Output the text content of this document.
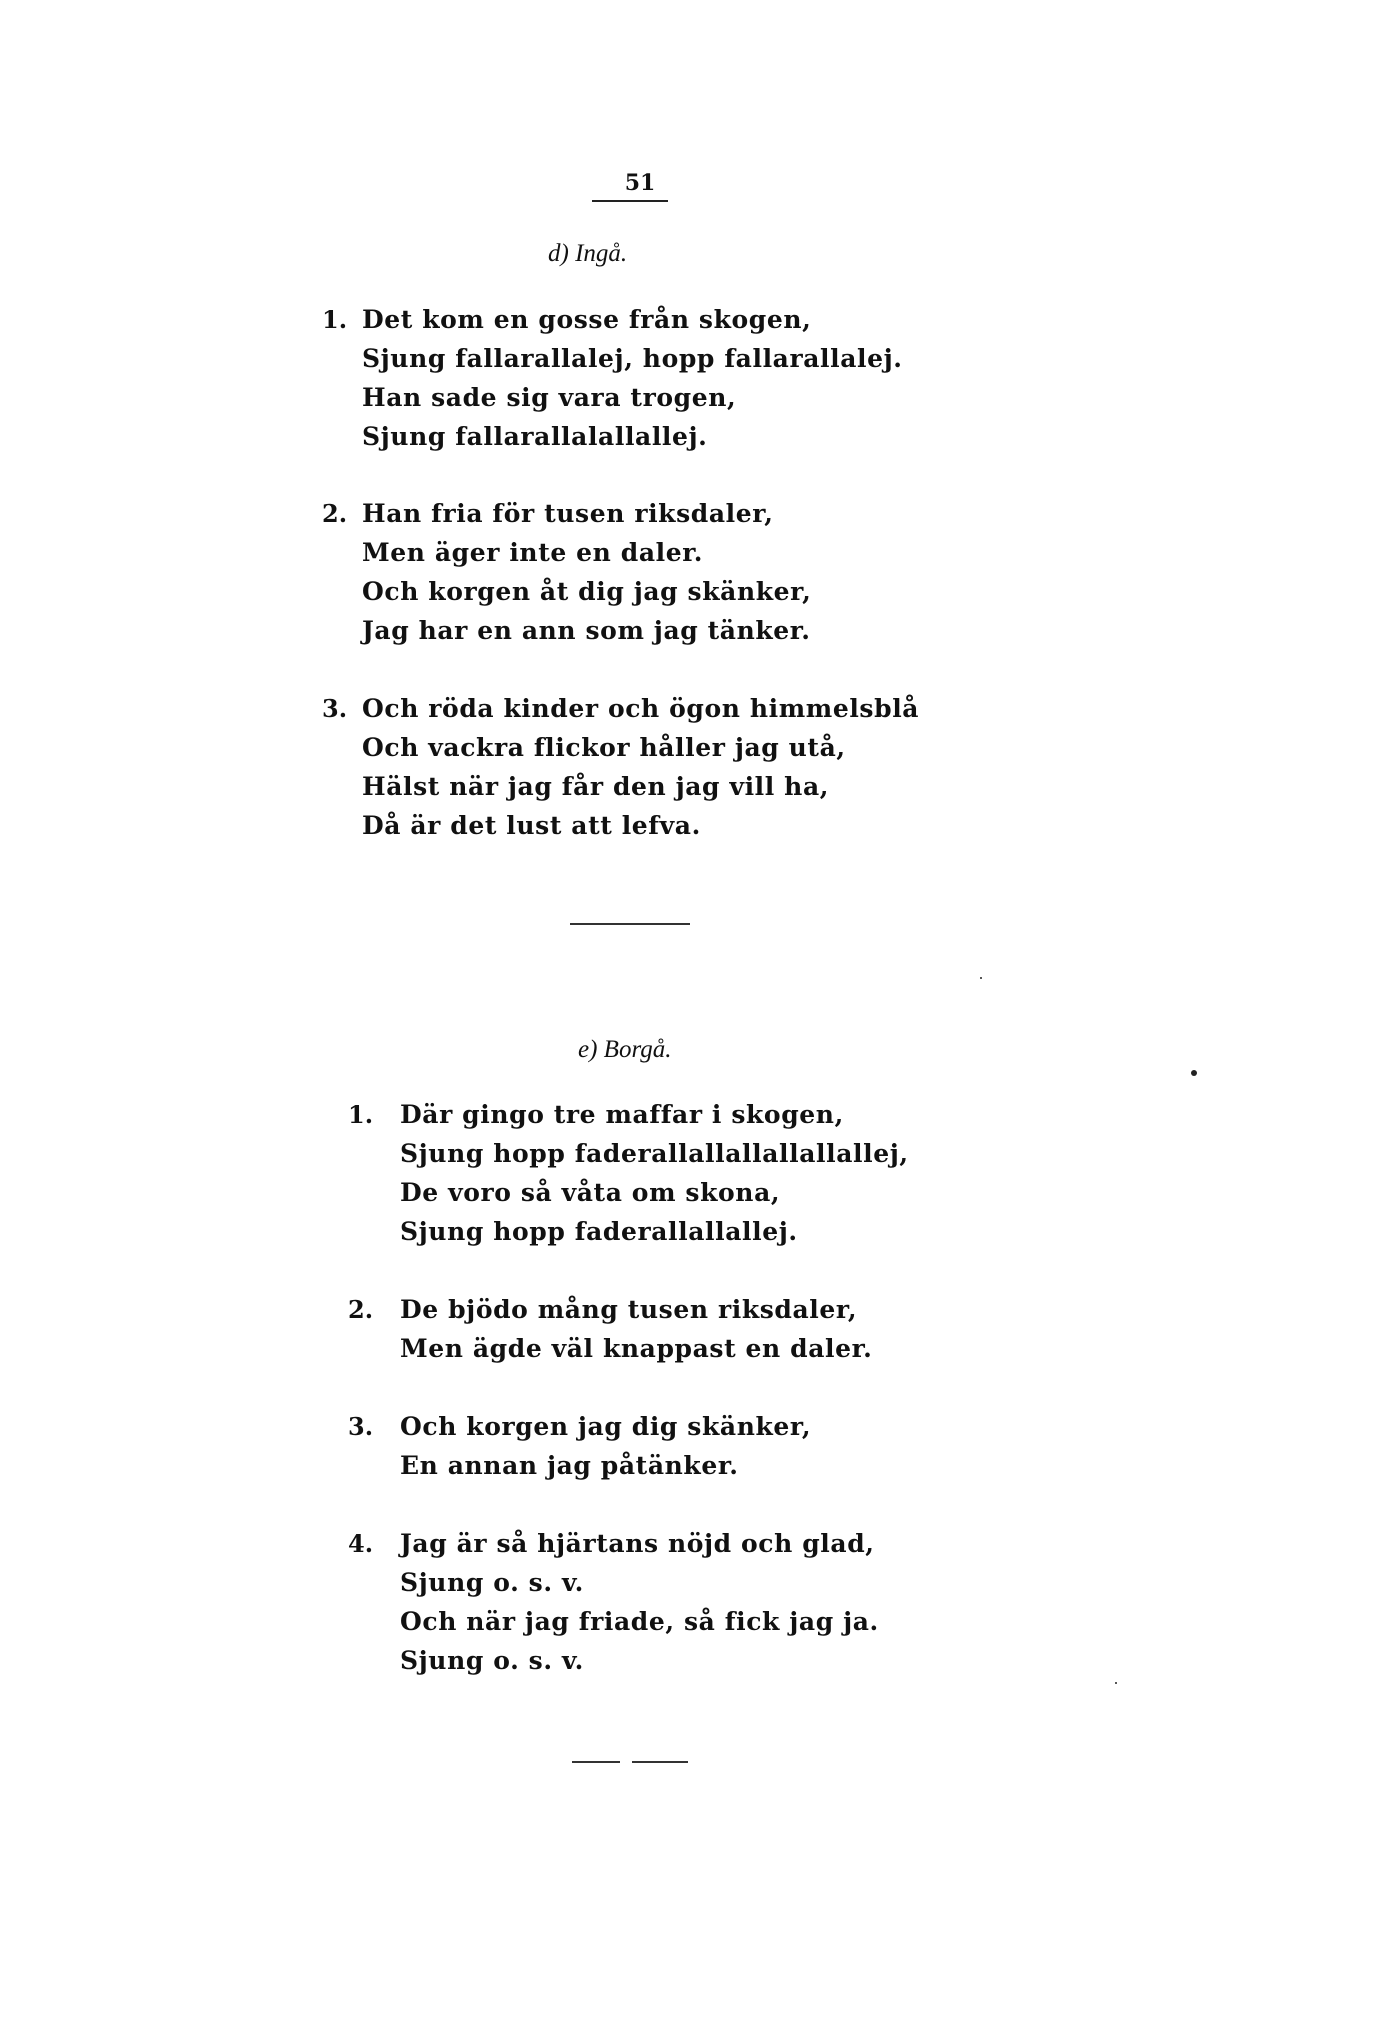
51
d) Ingå.
1. Det kom en gosse från skogen,
Sjung fallarallalej, hopp fallarallalej.
Han sade sig vara trogen,
Sjung fallarallalallallej.
2. Han fria för tusen riksdaler,
Men äger inte en daler.
Och korgen åt dig jag skänker,
Jag har en ann som jag tänker.
3. Och röda kinder och ögon himmelsblå
Och vackra flickor håller jag utå,
Hälst när jag får den jag vill ha,
Då är det lust att lefva.
e) Borgå.
1. Där gingo tre maffar i skogen,
Sjung hopp faderallallallallallallej,
De voro så våta om skona,
Sjung hopp faderallallallej.
2. De bjödo mång tusen riksdaler,
Men ägde väl knappast en daler.
3. Och korgen jag dig skänker,
En annan jag påtänker.
4. Jag är så hjärtans nöjd och glad,
Sjung o. s. v.
Och när jag friade, så fick jag ja.
Sjung o. s. v.
